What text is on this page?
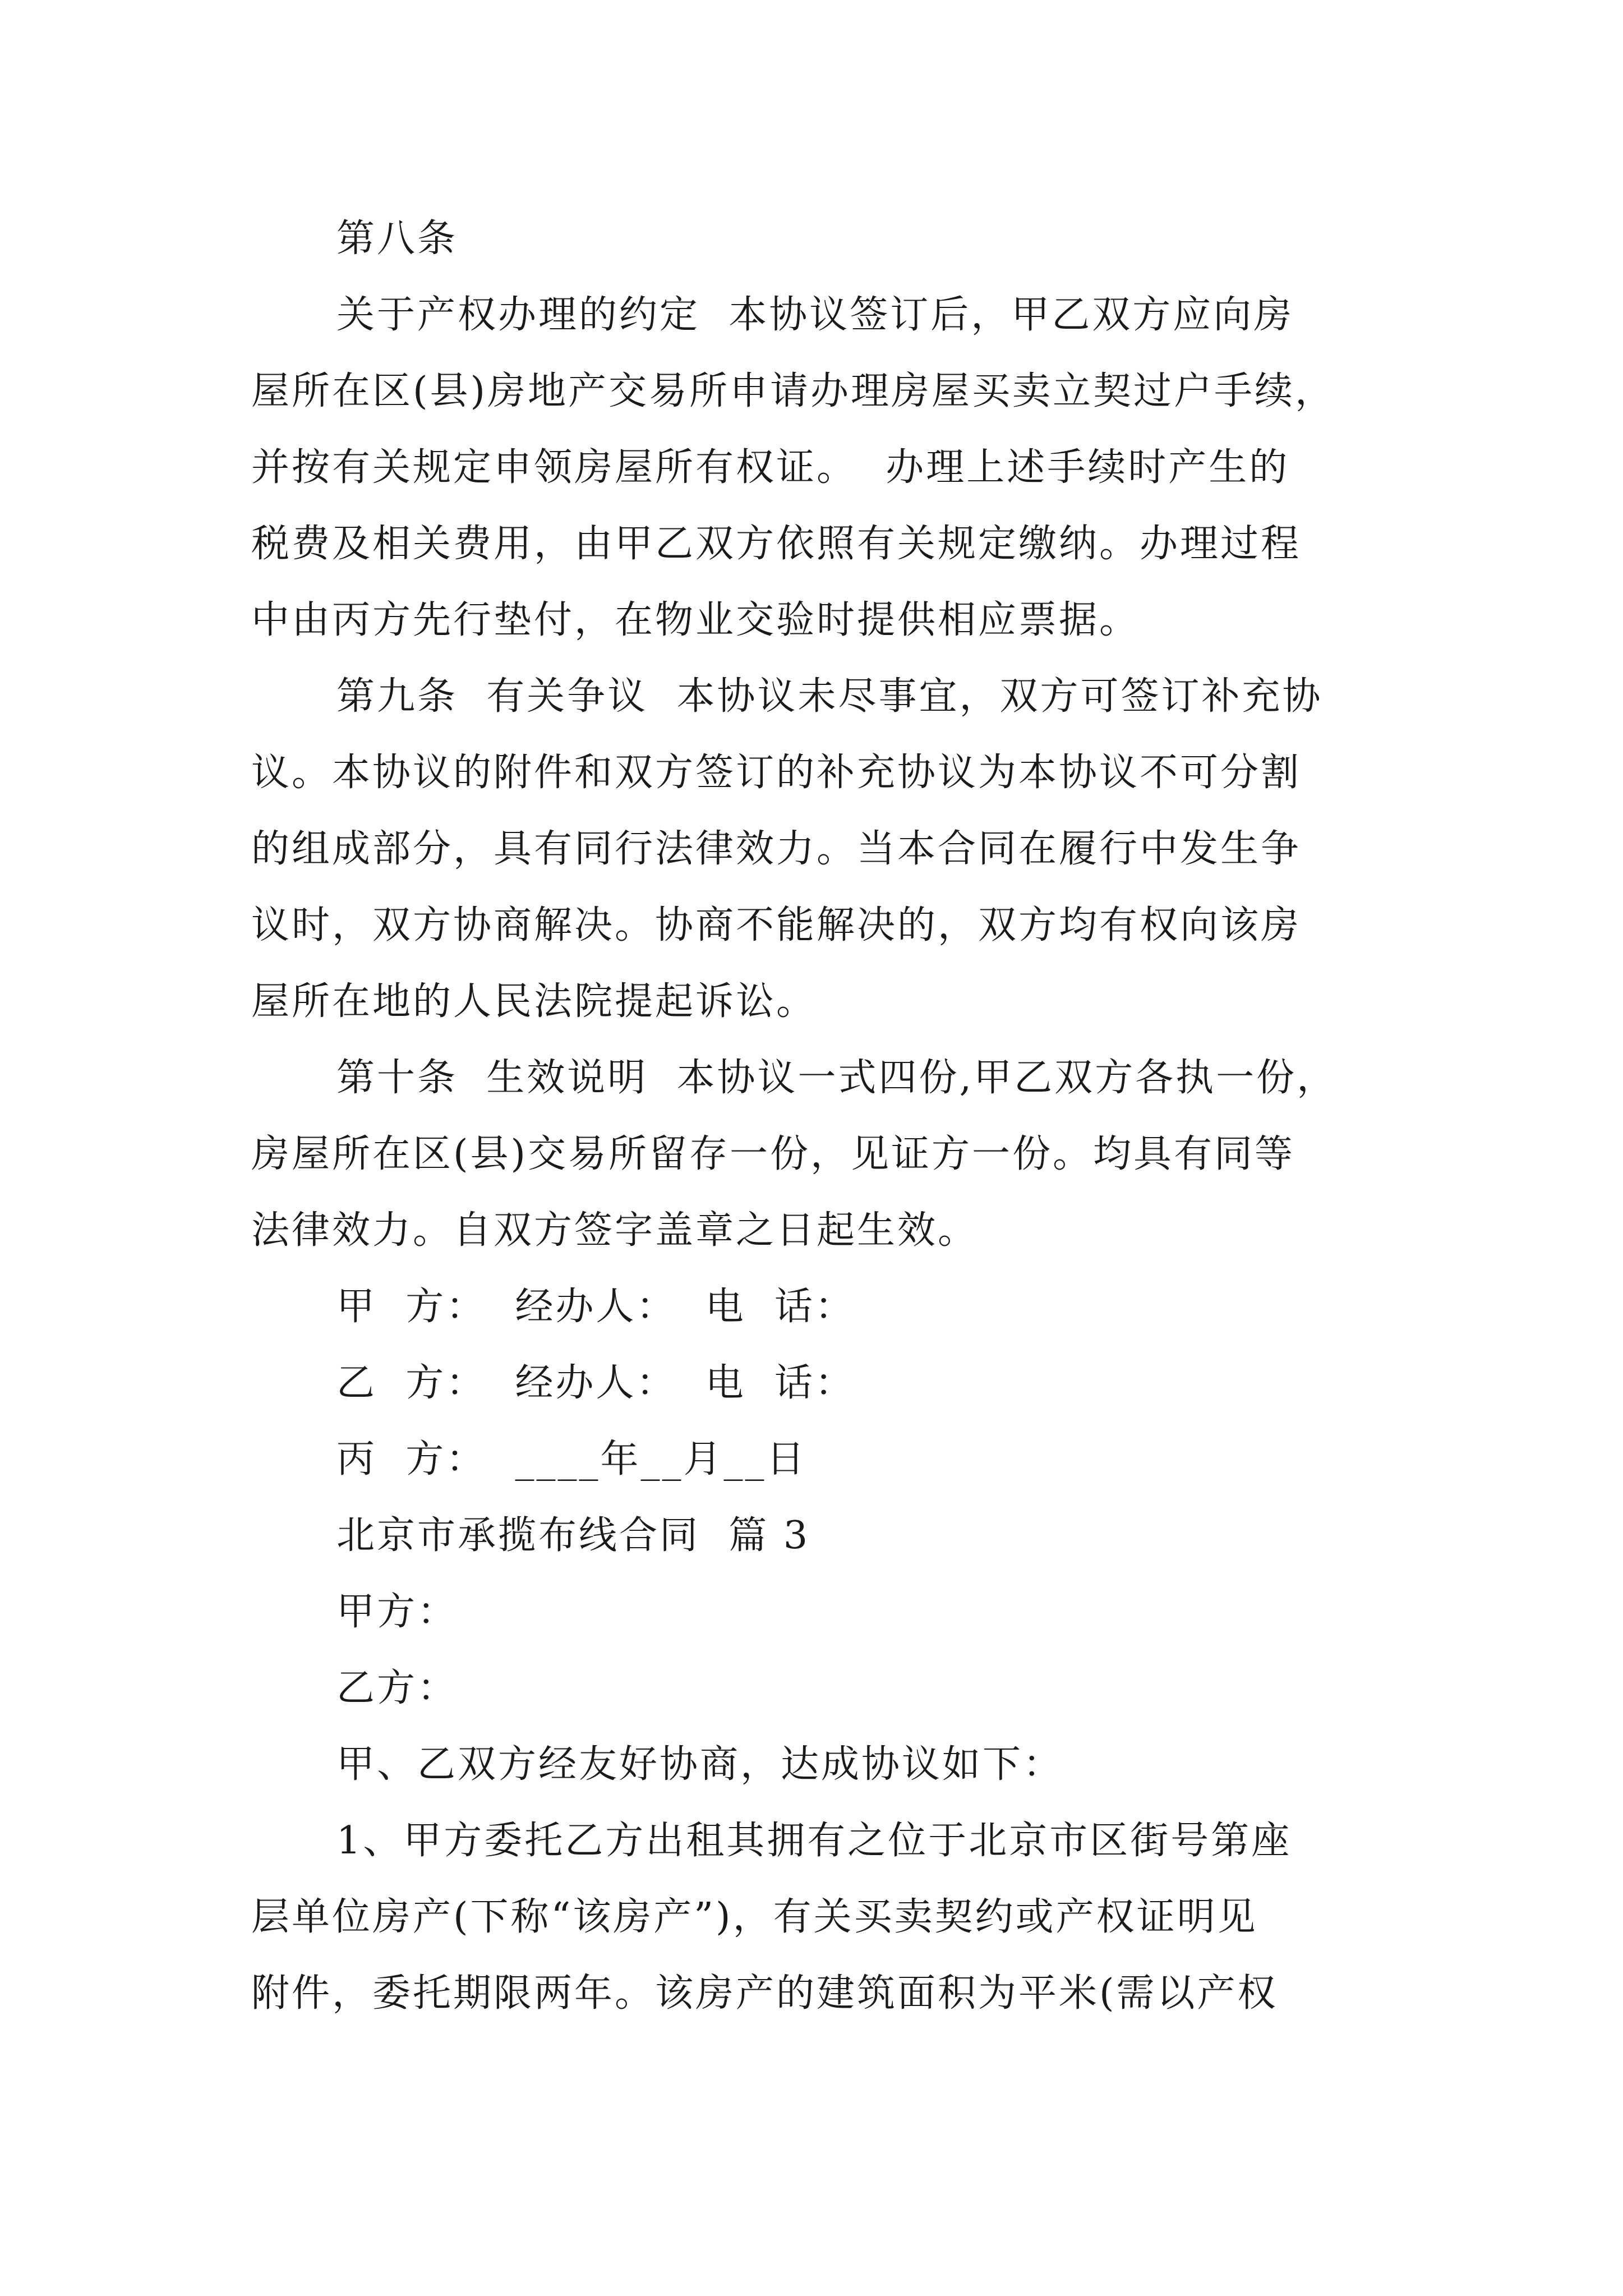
第八条
关于产权办理的约定  本协议签订后，甲乙双方应向房
屋所在区(县)房地产交易所申请办理房屋买卖立契过户手续，
并按有关规定申领房屋所有权证。  办理上述手续时产生的
税费及相关费用，由甲乙双方依照有关规定缴纳。办理过程
中由丙方先行垫付，在物业交验时提供相应票据。
第九条  有关争议  本协议未尽事宜，双方可签订补充协
议。本协议的附件和双方签订的补充协议为本协议不可分割
的组成部分，具有同行法律效力。当本合同在履行中发生争
议时，双方协商解决。协商不能解决的，双方均有权向该房
屋所在地的人民法院提起诉讼。
第十条  生效说明  本协议一式四份,甲乙双方各执一份，
房屋所在区(县)交易所留存一份，见证方一份。均具有同等
法律效力。自双方签字盖章之日起生效。
甲  方：  经办人：  电  话：
乙  方：  经办人：  电  话：
丙  方：  ____年__月__日
北京市承揽布线合同  篇 3
甲方：
乙方：
甲、乙双方经友好协商，达成协议如下：
1、甲方委托乙方出租其拥有之位于北京市区街号第座
层单位房产(下称“该房产”)，有关买卖契约或产权证明见
附件，委托期限两年。该房产的建筑面积为平米(需以产权
